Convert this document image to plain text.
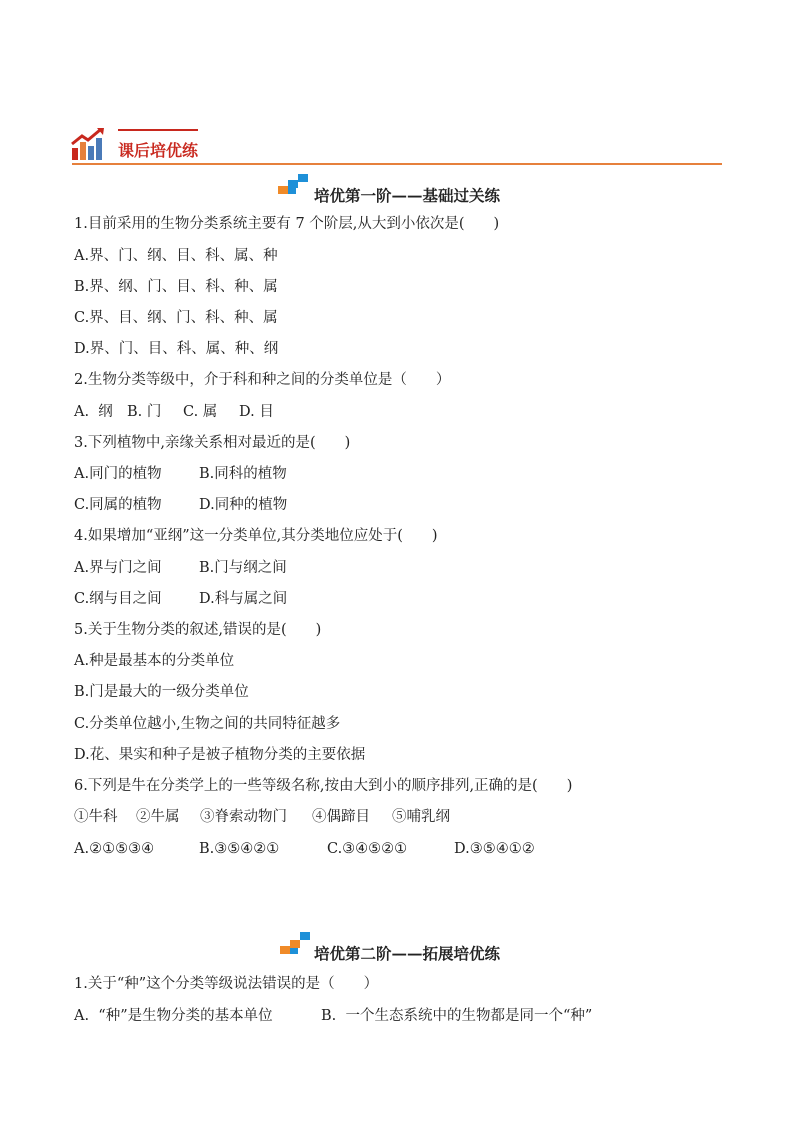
课后培优练
培优第一阶——基础过关练
1.目前采用的生物分类系统主要有 7 个阶层,从大到小依次是(　　)
A.界、门、纲、目、科、属、种
B.界、纲、门、目、科、种、属
C.界、目、纲、门、科、种、属
D.界、门、目、科、属、种、纲
2.生物分类等级中，介于科和种之间的分类单位是（　　）
A.  纲 B. 门 C. 属 D. 目
3.下列植物中,亲缘关系相对最近的是(　　)
A.同门的植物	B.同科的植物
C.同属的植物	D.同种的植物
4.如果增加“亚纲”这一分类单位,其分类地位应处于(　　)
A.界与门之间	B.门与纲之间
C.纲与目之间	D.科与属之间
5.关于生物分类的叙述,错误的是(　　)
A.种是最基本的分类单位
B.门是最大的一级分类单位
C.分类单位越小,生物之间的共同特征越多
D.花、果实和种子是被子植物分类的主要依据
6.下列是牛在分类学上的一些等级名称,按由大到小的顺序排列,正确的是(　　)
①牛科 ②牛属 ③脊索动物门 ④偶蹄目 ⑤哺乳纲
A.②①⑤③④	B.③⑤④②①	C.③④⑤②①	D.③⑤④①②
培优第二阶——拓展培优练
1.关于“种”这个分类等级说法错误的是（　　）
A.  “种”是生物分类的基本单位	B.  一个生态系统中的生物都是同一个“种”
